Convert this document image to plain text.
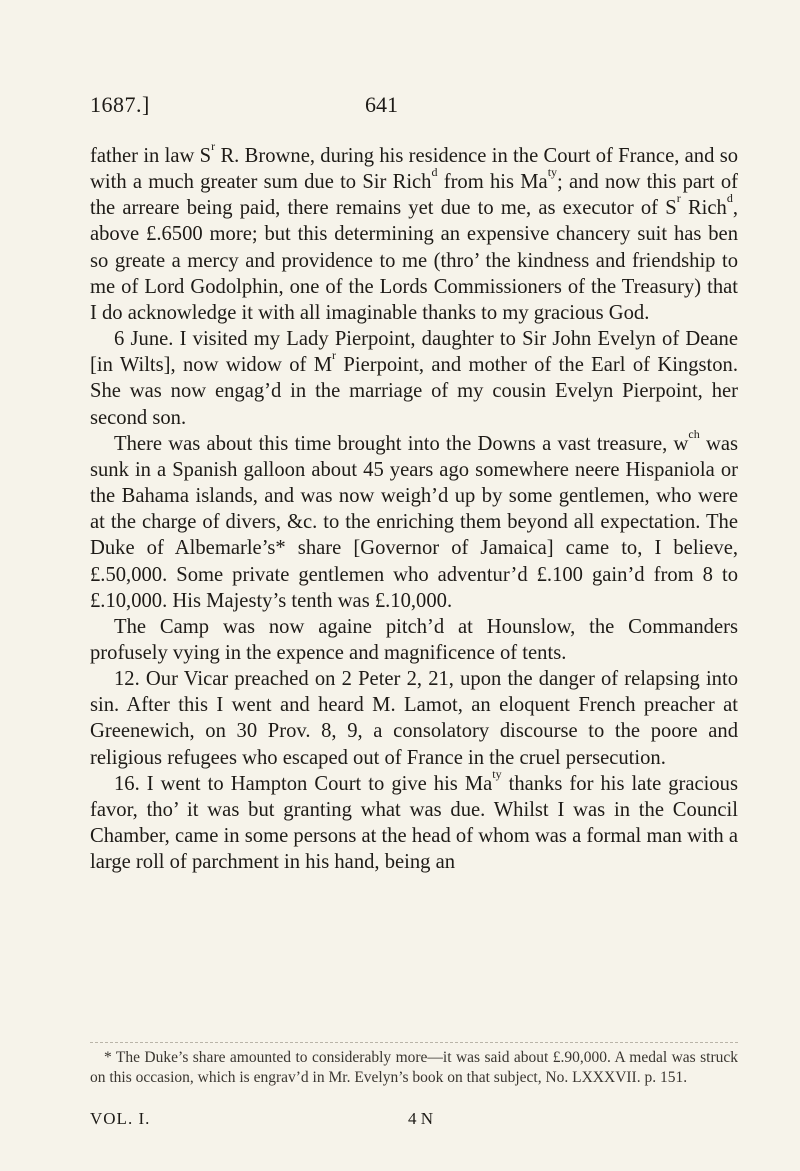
1687.]	641

father in law $S^r$ R. Browne, during his residence in the Court of France, and so with a much greater sum due to Sir Rich$^d$ from his $Ma^{ty}$; and now this part of the arreare being paid, there remains yet due to me, as executor of $S^r$ Rich$^d$, above £.6500 more; but this determining an expensive chancery suit has ben so greate a mercy and providence to me (thro’ the kindness and friendship to me of Lord Godolphin, one of the Lords Commissioners of the Treasury) that I do acknowledge it with all imaginable thanks to my gracious God.

6 June. I visited my Lady Pierpoint, daughter to Sir John Evelyn of Deane [in Wilts], now widow of $M^r$ Pierpoint, and mother of the Earl of Kingston. She was now engag’d in the marriage of my cousin Evelyn Pierpoint, her second son.

There was about this time brought into the Downs a vast treasure, $w^{ch}$ was sunk in a Spanish galloon about 45 years ago somewhere neere Hispaniola or the Bahama islands, and was now weigh’d up by some gentlemen, who were at the charge of divers, &c. to the enriching them beyond all expectation. The Duke of Albemarle’s* share [Governor of Jamaica] came to, I believe, £.50,000. Some private gentlemen who adventur’d £.100 gain’d from 8 to £.10,000. His Majesty’s tenth was £.10,000.

The Camp was now againe pitch’d at Hounslow, the Commanders profusely vying in the expence and magnificence of tents.

12. Our Vicar preached on 2 Peter 2, 21, upon the danger of relapsing into sin. After this I went and heard M. Lamot, an eloquent French preacher at Greenewich, on 30 Prov. 8, 9, a consolatory discourse to the poore and religious refugees who escaped out of France in the cruel persecution.

16. I went to Hampton Court to give his $Ma^{ty}$ thanks for his late gracious favor, tho’ it was but granting what was due. Whilst I was in the Council Chamber, came in some persons at the head of whom was a formal man with a large roll of parchment in his hand, being an

* The Duke’s share amounted to considerably more—it was said about £.90,000. A medal was struck on this occasion, which is engrav’d in Mr. Evelyn’s book on that subject, No. LXXXVII. p. 151.
VOL. I.	4 N
